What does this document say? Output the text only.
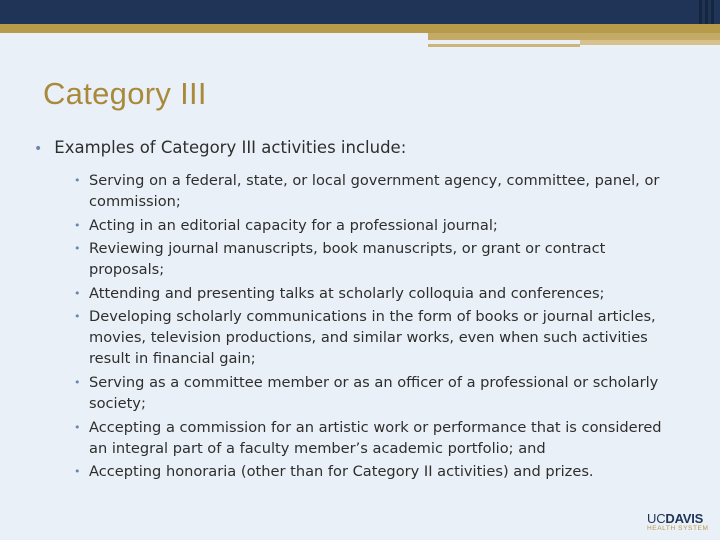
Category III
• Examples of Category III activities include:
• Serving on a federal, state, or local government agency, committee, panel, or commission;
• Acting in an editorial capacity for a professional journal;
• Reviewing journal manuscripts, book manuscripts, or grant or contract proposals;
• Attending and presenting talks at scholarly colloquia and conferences;
• Developing scholarly communications in the form of books or journal articles, movies, television productions, and similar works, even when such activities result in financial gain;
• Serving as a committee member or as an officer of a professional or scholarly society;
• Accepting a commission for an artistic work or performance that is considered an integral part of a faculty member’s academic portfolio; and
• Accepting honoraria (other than for Category II activities) and prizes.
UCDAVIS
HEALTH SYSTEM
